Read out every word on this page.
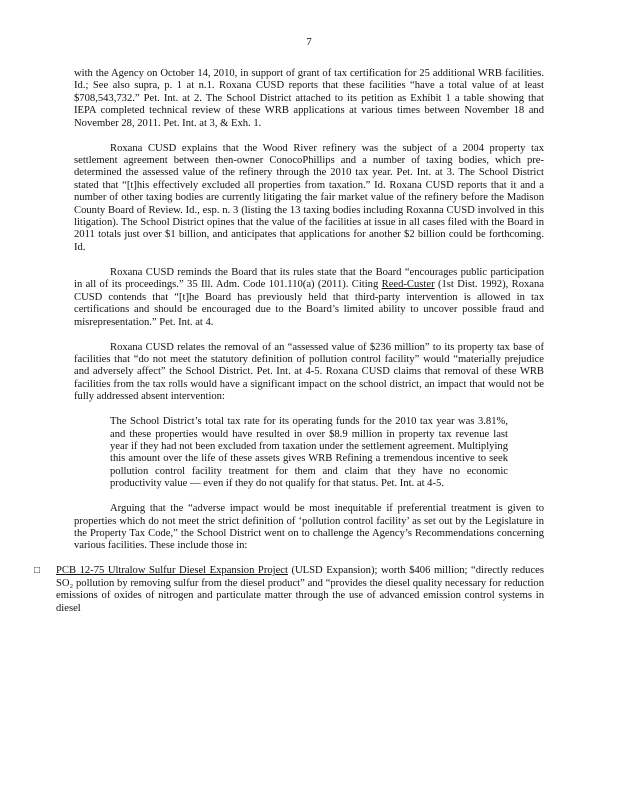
7

with the Agency on October 14, 2010, in support of grant of tax certification for 25 additional WRB facilities. Id.; See also supra, p. 1 at n.1. Roxana CUSD reports that these facilities “have a total value of at least $708,543,732.” Pet. Int. at 2. The School District attached to its petition as Exhibit 1 a table showing that IEPA completed technical review of these WRB applications at various times between November 18 and November 28, 2011. Pet. Int. at 3, & Exh. 1.

Roxana CUSD explains that the Wood River refinery was the subject of a 2004 property tax settlement agreement between then-owner ConocoPhillips and a number of taxing bodies, which pre-determined the assessed value of the refinery through the 2010 tax year. Pet. Int. at 3. The School District stated that “[t]his effectively excluded all properties from taxation.” Id. Roxana CUSD reports that it and a number of other taxing bodies are currently litigating the fair market value of the refinery before the Madison County Board of Review. Id., esp. n. 3 (listing the 13 taxing bodies including Roxanna CUSD involved in this litigation). The School District opines that the value of the facilities at issue in all cases filed with the Board in 2011 totals just over $1 billion, and anticipates that applications for another $2 billion could be forthcoming. Id.

Roxana CUSD reminds the Board that its rules state that the Board “encourages public participation in all of its proceedings.” 35 Ill. Adm. Code 101.110(a) (2011). Citing Reed-Custer (1st Dist. 1992), Roxana CUSD contends that “[t]he Board has previously held that third-party intervention is allowed in tax certifications and should be encouraged due to the Board’s limited ability to uncover possible fraud and misrepresentation.” Pet. Int. at 4.

Roxana CUSD relates the removal of an “assessed value of $236 million” to its property tax base of facilities that “do not meet the statutory definition of pollution control facility” would “materially prejudice and adversely affect” the School District. Pet. Int. at 4-5. Roxana CUSD claims that removal of these WRB facilities from the tax rolls would have a significant impact on the school district, an impact that would not be fully addressed absent intervention:

The School District’s total tax rate for its operating funds for the 2010 tax year was 3.81%, and these properties would have resulted in over $8.9 million in property tax revenue last year if they had not been excluded from taxation under the settlement agreement. Multiplying this amount over the life of these assets gives WRB Refining a tremendous incentive to seek pollution control facility treatment for them and claim that they have no economic productivity value — even if they do not qualify for that status. Pet. Int. at 4-5.

Arguing that the “adverse impact would be most inequitable if preferential treatment is given to properties which do not meet the strict definition of ‘pollution control facility’ as set out by the Legislature in the Property Tax Code,” the School District went on to challenge the Agency’s Recommendations concerning various facilities. These include those in:

□	PCB 12-75 Ultralow Sulfur Diesel Expansion Project (ULSD Expansion); worth $406 million; “directly reduces SO₂ pollution by removing sulfur from the diesel product” and “provides the diesel quality necessary for reduction emissions of oxides of nitrogen and particulate matter through the use of advanced emission control systems in diesel
